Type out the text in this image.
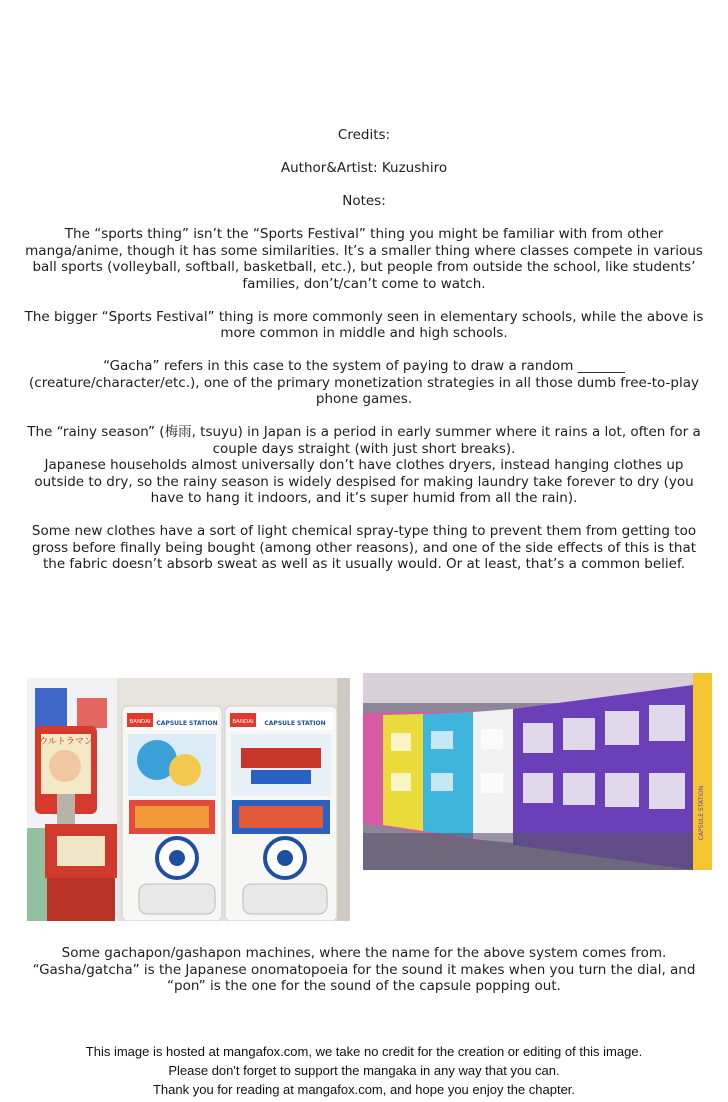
Credits:

Author&Artist: Kuzushiro

Notes:

The “sports thing” isn’t the “Sports Festival” thing you might be familiar with from other manga/anime, though it has some similarities. It’s a smaller thing where classes compete in various ball sports (volleyball, softball, basketball, etc.), but people from outside the school, like students’ families, don’t/can’t come to watch.

The bigger “Sports Festival” thing is more commonly seen in elementary schools, while the above is more common in middle and high schools.

“Gacha” refers in this case to the system of paying to draw a random _______ (creature/character/etc.), one of the primary monetization strategies in all those dumb free-to-play phone games.

The “rainy season” (梅雨, tsuyu) in Japan is a period in early summer where it rains a lot, often for a couple days straight (with just short breaks).
Japanese households almost universally don’t have clothes dryers, instead hanging clothes up outside to dry, so the rainy season is widely despised for making laundry take forever to dry (you have to hang it indoors, and it’s super humid from all the rain).

Some new clothes have a sort of light chemical spray-type thing to prevent them from getting too gross before finally being bought (among other reasons), and one of the side effects of this is that the fabric doesn’t absorb sweat as well as it usually would. Or at least, that’s a common belief.

ウルトラマン
BANDAI CAPSULE STATION	BANDAI CAPSULE STATION
CAPSULE STATION
Some gachapon/gashapon machines, where the name for the above system comes from.
“Gasha/gatcha” is the Japanese onomatopoeia for the sound it makes when you turn the dial, and “pon” is the one for the sound of the capsule popping out.
This image is hosted at mangafox.com, we take no credit for the creation or editing of this image.
Please don't forget to support the mangaka in any way that you can.
Thank you for reading at mangafox.com, and hope you enjoy the chapter.
